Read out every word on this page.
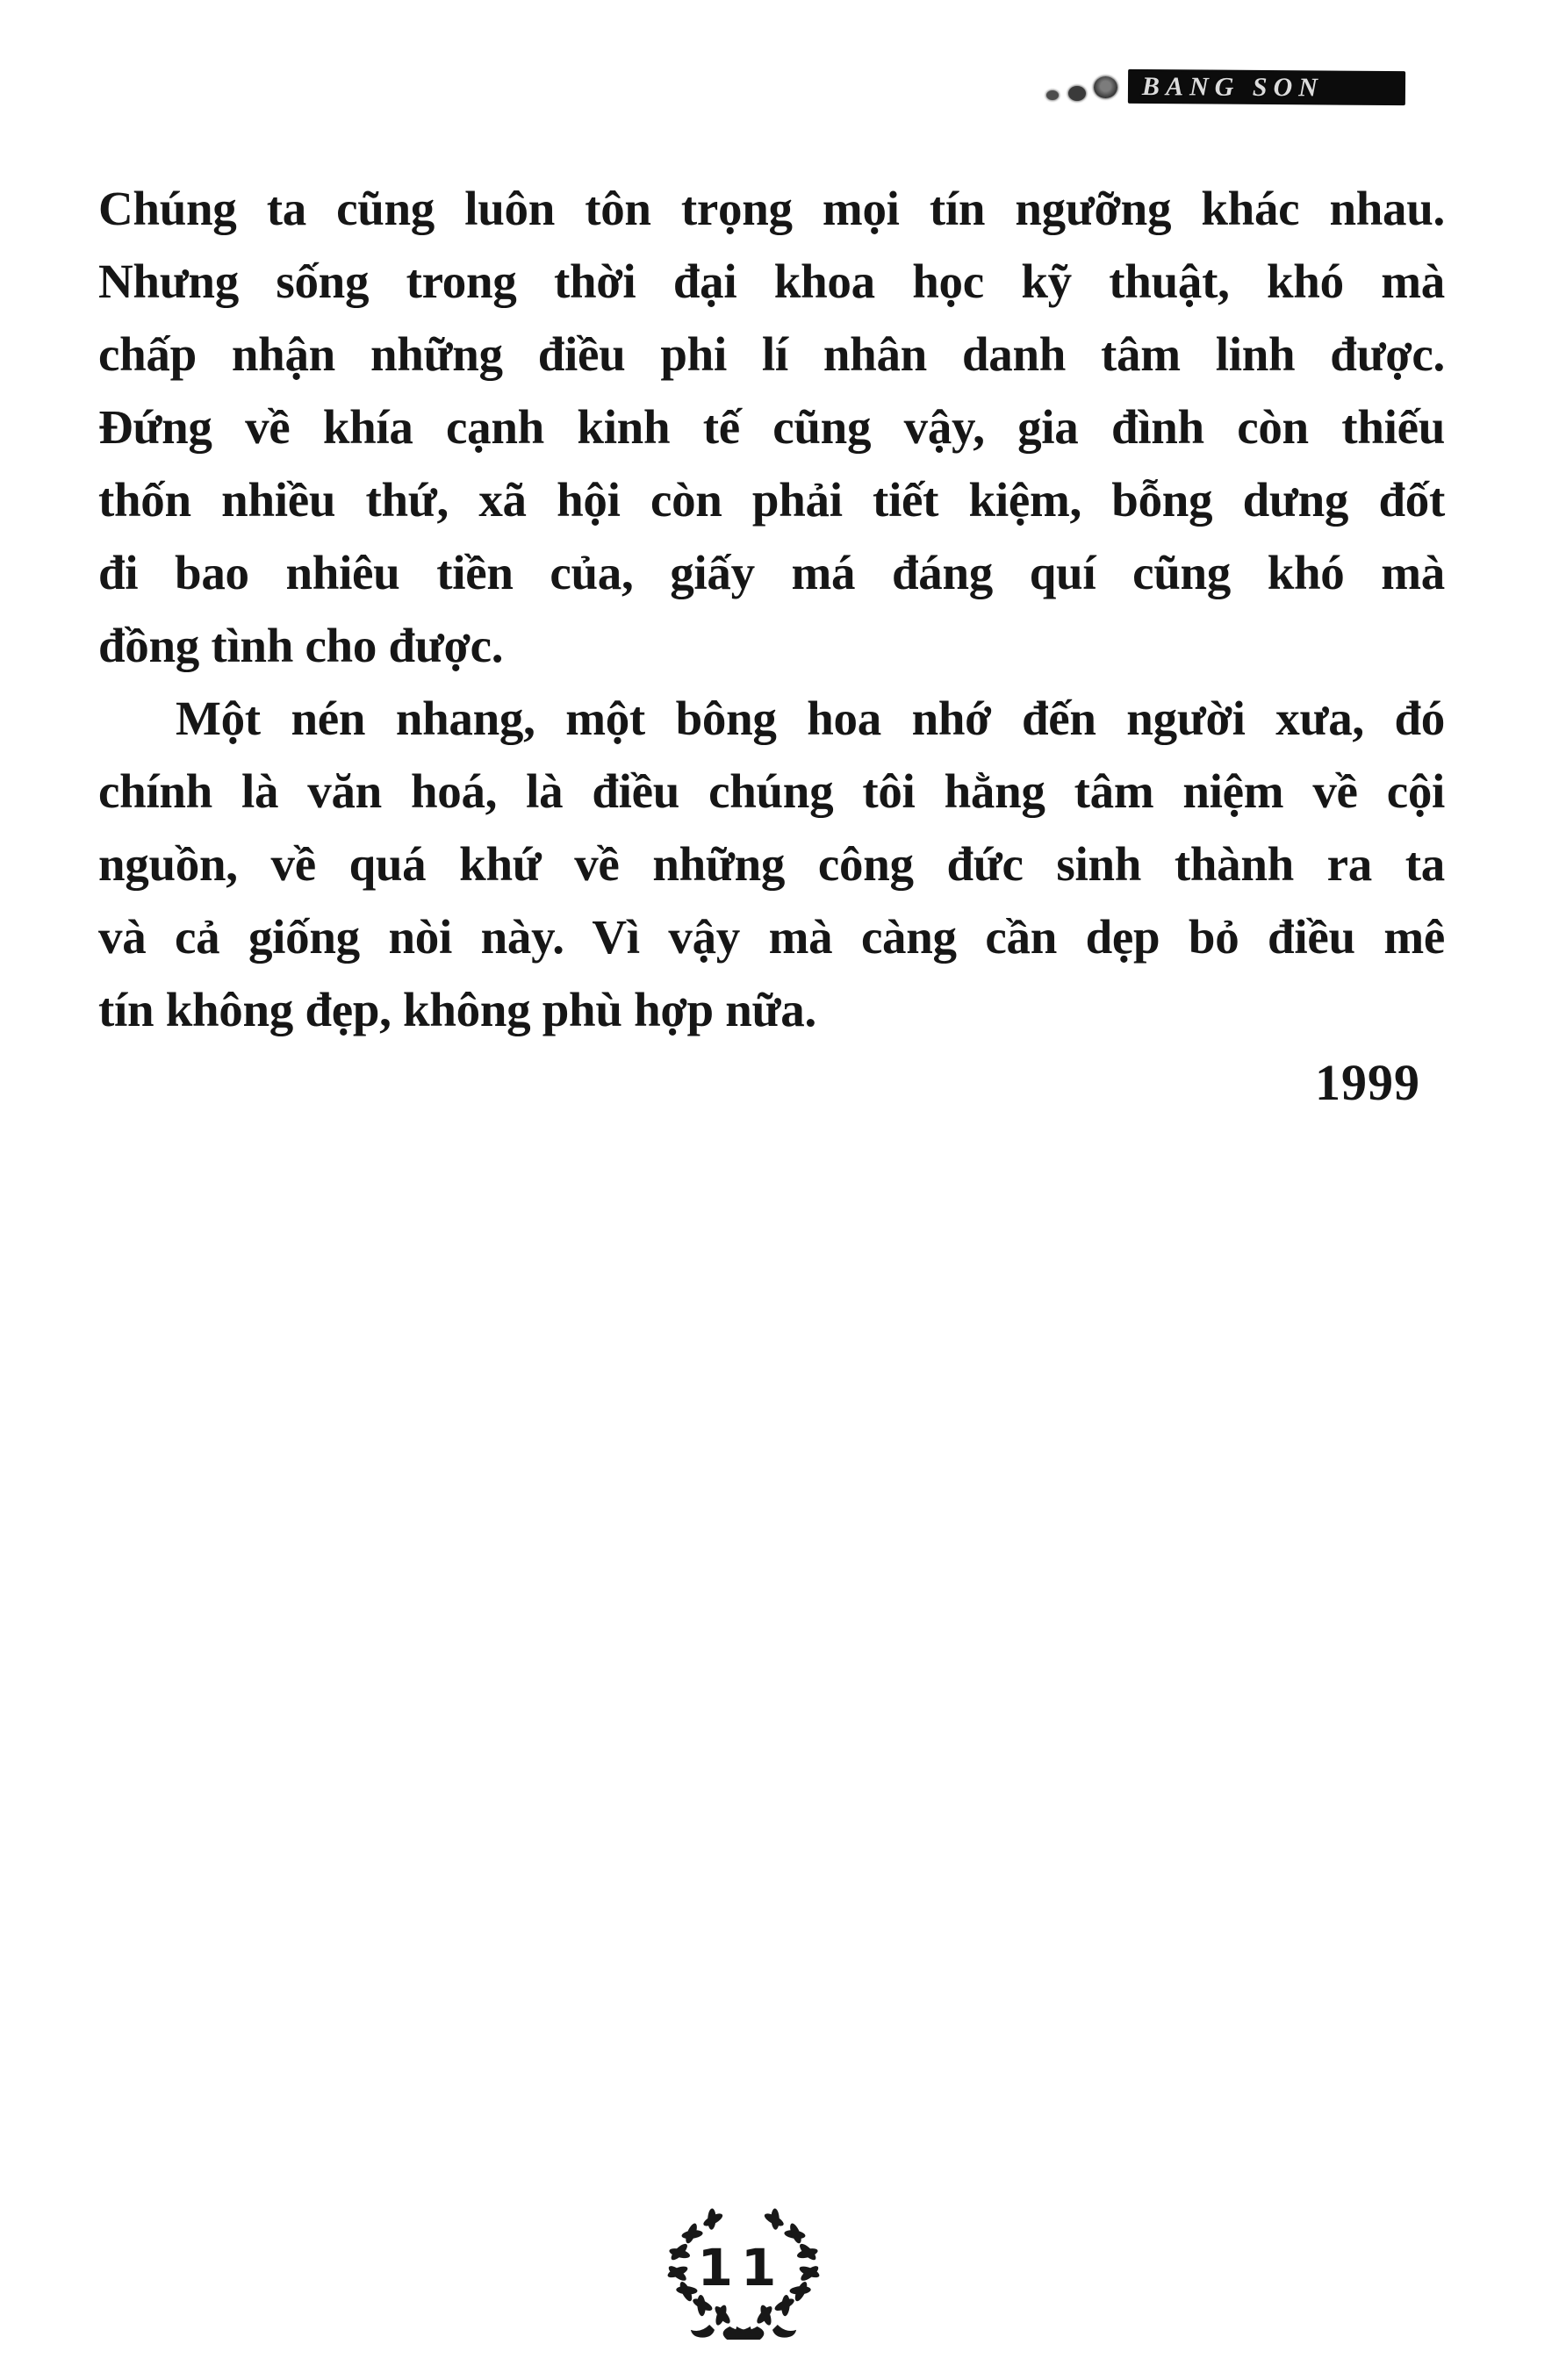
BANG SON
Chúng ta cũng luôn tôn trọng mọi tín ngưỡng khác nhau.
Nhưng sống trong thời đại khoa học kỹ thuật, khó mà
chấp nhận những điều phi lí nhân danh tâm linh được.
Đứng về khía cạnh kinh tế cũng vậy, gia đình còn thiếu
thốn nhiều thứ, xã hội còn phải tiết kiệm, bỗng dưng đốt
đi bao nhiêu tiền của, giấy má đáng quí cũng khó mà
đồng tình cho được.
Một nén nhang, một bông hoa nhớ đến người xưa, đó
chính là văn hoá, là điều chúng tôi hằng tâm niệm về cội
nguồn, về quá khứ về những công đức sinh thành ra ta
và cả giống nòi này. Vì vậy mà càng cần dẹp bỏ điều mê
tín không đẹp, không phù hợp nữa.
1999
11
